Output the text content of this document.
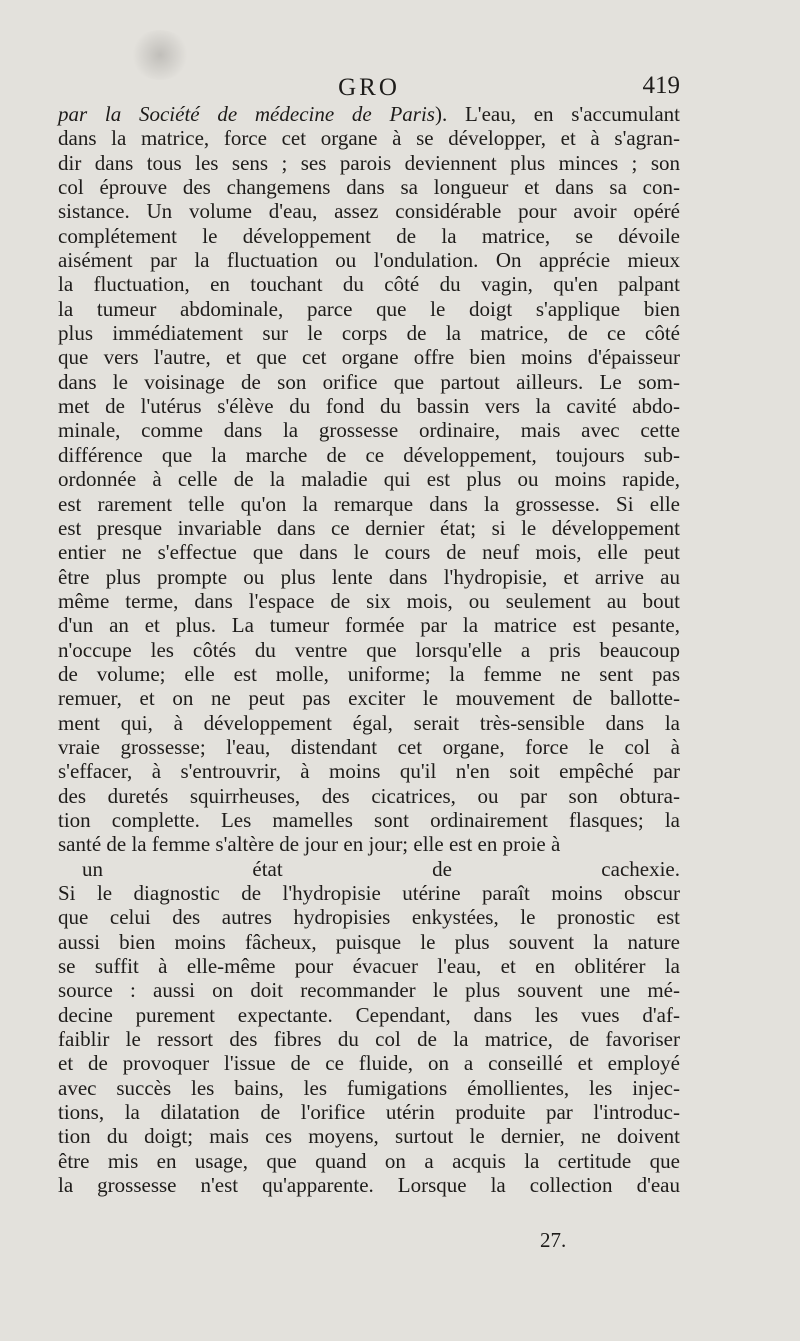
GRO	419
par la Société de médecine de Paris). L'eau, en s'accumulant
dans la matrice, force cet organe à se développer, et à s'agran-
dir dans tous les sens ; ses parois deviennent plus minces ; son
col éprouve des changemens dans sa longueur et dans sa con-
sistance. Un volume d'eau, assez considérable pour avoir opéré
complétement le développement de la matrice, se dévoile
aisément par la fluctuation ou l'ondulation. On apprécie mieux
la fluctuation, en touchant du côté du vagin, qu'en palpant
la tumeur abdominale, parce que le doigt s'applique bien
plus immédiatement sur le corps de la matrice, de ce côté
que vers l'autre, et que cet organe offre bien moins d'épaisseur
dans le voisinage de son orifice que partout ailleurs. Le som-
met de l'utérus s'élève du fond du bassin vers la cavité abdo-
minale, comme dans la grossesse ordinaire, mais avec cette
différence que la marche de ce développement, toujours sub-
ordonnée à celle de la maladie qui est plus ou moins rapide,
est rarement telle qu'on la remarque dans la grossesse. Si elle
est presque invariable dans ce dernier état; si le développement
entier ne s'effectue que dans le cours de neuf mois, elle peut
être plus prompte ou plus lente dans l'hydropisie, et arrive au
même terme, dans l'espace de six mois, ou seulement au bout
d'un an et plus. La tumeur formée par la matrice est pesante,
n'occupe les côtés du ventre que lorsqu'elle a pris beaucoup
de volume; elle est molle, uniforme; la femme ne sent pas
remuer, et on ne peut pas exciter le mouvement de ballotte-
ment qui, à développement égal, serait très-sensible dans la
vraie grossesse; l'eau, distendant cet organe, force le col à
s'effacer, à s'entrouvrir, à moins qu'il n'en soit empêché par
des duretés squirrheuses, des cicatrices, ou par son obtura-
tion complette. Les mamelles sont ordinairement flasques; la
santé de la femme s'altère de jour en jour; elle est en proie à
un état de cachexie.
Si le diagnostic de l'hydropisie utérine paraît moins obscur
que celui des autres hydropisies enkystées, le pronostic est
aussi bien moins fâcheux, puisque le plus souvent la nature
se suffit à elle-même pour évacuer l'eau, et en oblitérer la
source : aussi on doit recommander le plus souvent une mé-
decine purement expectante. Cependant, dans les vues d'af-
faiblir le ressort des fibres du col de la matrice, de favoriser
et de provoquer l'issue de ce fluide, on a conseillé et employé
avec succès les bains, les fumigations émollientes, les injec-
tions, la dilatation de l'orifice utérin produite par l'introduc-
tion du doigt; mais ces moyens, surtout le dernier, ne doivent
être mis en usage, que quand on a acquis la certitude que
la grossesse n'est qu'apparente. Lorsque la collection d'eau
27.
